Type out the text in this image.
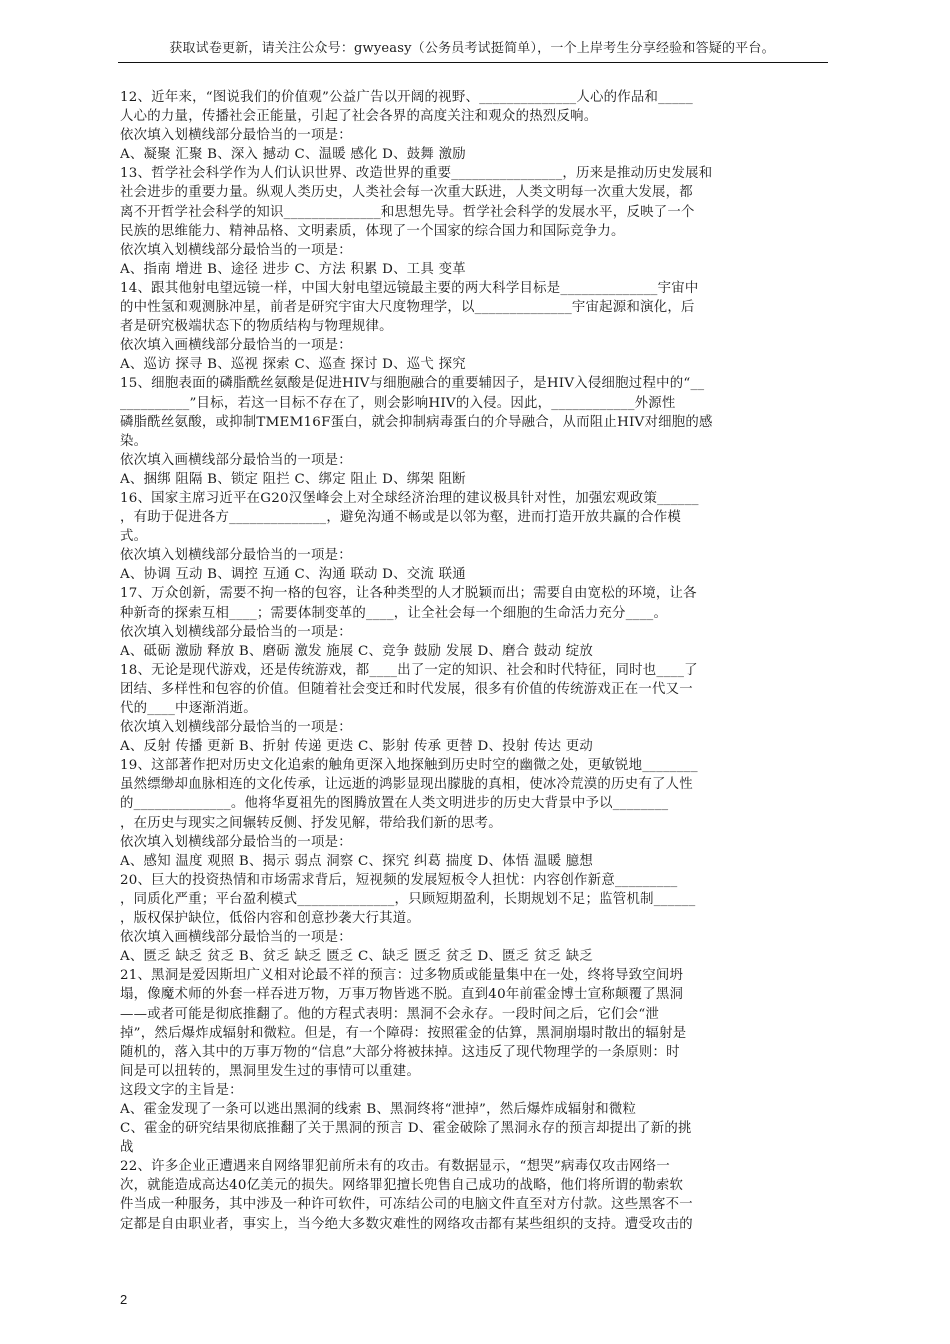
获取试卷更新，请关注公众号：gwyeasy（公务员考试挺简单），一个上岸考生分享经验和答疑的平台。
12、近年来，“图说我们的价值观”公益广告以开阔的视野、______________人心的作品和_____
人心的力量，传播社会正能量，引起了社会各界的高度关注和观众的热烈反响。
依次填入划横线部分最恰当的一项是：
A、凝聚 汇聚 B、深入 撼动 C、温暖 感化 D、鼓舞 激励
13、哲学社会科学作为人们认识世界、改造世界的重要________________，历来是推动历史发展和
社会进步的重要力量。纵观人类历史，人类社会每一次重大跃进，人类文明每一次重大发展，都
离不开哲学社会科学的知识______________和思想先导。哲学社会科学的发展水平，反映了一个
民族的思维能力、精神品格、文明素质，体现了一个国家的综合国力和国际竞争力。
依次填入划横线部分最恰当的一项是：
A、指南 增进 B、途径 进步 C、方法 积累 D、工具 变革
14、跟其他射电望远镜一样，中国大射电望远镜最主要的两大科学目标是______________宇宙中
的中性氢和观测脉冲星，前者是研究宇宙大尺度物理学，以______________宇宙起源和演化，后
者是研究极端状态下的物质结构与物理规律。
依次填入画横线部分最恰当的一项是：
A、巡访 探寻 B、巡视 探索 C、巡查 探讨 D、巡弋 探究
15、细胞表面的磷脂酰丝氨酸是促进HIV与细胞融合的重要辅因子，是HIV入侵细胞过程中的“__
__________”目标，若这一目标不存在了，则会影响HIV的入侵。因此，____________外源性
磷脂酰丝氨酸，或抑制TMEM16F蛋白，就会抑制病毒蛋白的介导融合，从而阻止HIV对细胞的感
染。
依次填入画横线部分最恰当的一项是：
A、捆绑 阻隔 B、锁定 阻拦 C、绑定 阻止 D、绑架 阻断
16、国家主席习近平在G20汉堡峰会上对全球经济治理的建议极具针对性，加强宏观政策______
，有助于促进各方______________，避免沟通不畅或是以邻为壑，进而打造开放共赢的合作模
式。
依次填入划横线部分最恰当的一项是：
A、协调 互动 B、调控 互通 C、沟通 联动 D、交流 联通
17、万众创新，需要不拘一格的包容，让各种类型的人才脱颖而出；需要自由宽松的环境，让各
种新奇的探索互相____；需要体制变革的____，让全社会每一个细胞的生命活力充分____。
依次填入划横线部分最恰当的一项是：
A、砥砺 激励 释放 B、磨砺 激发 施展 C、竞争 鼓励 发展 D、磨合 鼓动 绽放
18、无论是现代游戏，还是传统游戏，都____出了一定的知识、社会和时代特征，同时也____了
团结、多样性和包容的价值。但随着社会变迁和时代发展，很多有价值的传统游戏正在一代又一
代的____中逐渐消逝。
依次填入划横线部分最恰当的一项是：
A、反射 传播 更新 B、折射 传递 更迭 C、影射 传承 更替 D、投射 传达 更动
19、这部著作把对历史文化追索的触角更深入地探触到历史时空的幽微之处，更敏锐地________
虽然缥缈却血脉相连的文化传承，让远逝的鸿影显现出朦胧的真相，使冰冷荒漠的历史有了人性
的______________。他将华夏祖先的图腾放置在人类文明进步的历史大背景中予以________
，在历史与现实之间辗转反侧、抒发见解，带给我们新的思考。
依次填入划横线部分最恰当的一项是：
A、感知 温度 观照 B、揭示 弱点 洞察 C、探究 纠葛 揣度 D、体悟 温暖 臆想
20、巨大的投资热情和市场需求背后，短视频的发展短板令人担忧：内容创作新意_________
，同质化严重；平台盈利模式______________，只顾短期盈利，长期规划不足；监管机制______
，版权保护缺位，低俗内容和创意抄袭大行其道。
依次填入画横线部分最恰当的一项是：
A、匮乏 缺乏 贫乏 B、贫乏 缺乏 匮乏 C、缺乏 匮乏 贫乏 D、匮乏 贫乏 缺乏
21、黑洞是爱因斯坦广义相对论最不祥的预言：过多物质或能量集中在一处，终将导致空间坍
塌，像魔术师的外套一样吞进万物，万事万物皆逃不脱。直到40年前霍金博士宣称颠覆了黑洞
——或者可能是彻底推翻了。他的方程式表明：黑洞不会永存。一段时间之后，它们会“泄
掉”，然后爆炸成辐射和微粒。但是，有一个障碍：按照霍金的估算，黑洞崩塌时散出的辐射是
随机的，落入其中的万事万物的“信息”大部分将被抹掉。这违反了现代物理学的一条原则：时
间是可以扭转的，黑洞里发生过的事情可以重建。
这段文字的主旨是：
A、霍金发现了一条可以逃出黑洞的线索 B、黑洞终将“泄掉”，然后爆炸成辐射和微粒
C、霍金的研究结果彻底推翻了关于黑洞的预言 D、霍金破除了黑洞永存的预言却提出了新的挑
战
22、许多企业正遭遇来自网络罪犯前所未有的攻击。有数据显示，“想哭”病毒仅攻击网络一
次，就能造成高达40亿美元的损失。网络罪犯擅长兜售自己成功的战略，他们将所谓的勒索软
件当成一种服务，其中涉及一种许可软件，可冻结公司的电脑文件直至对方付款。这些黑客不一
定都是自由职业者，事实上，当今绝大多数灾难性的网络攻击都有某些组织的支持。遭受攻击的
2
